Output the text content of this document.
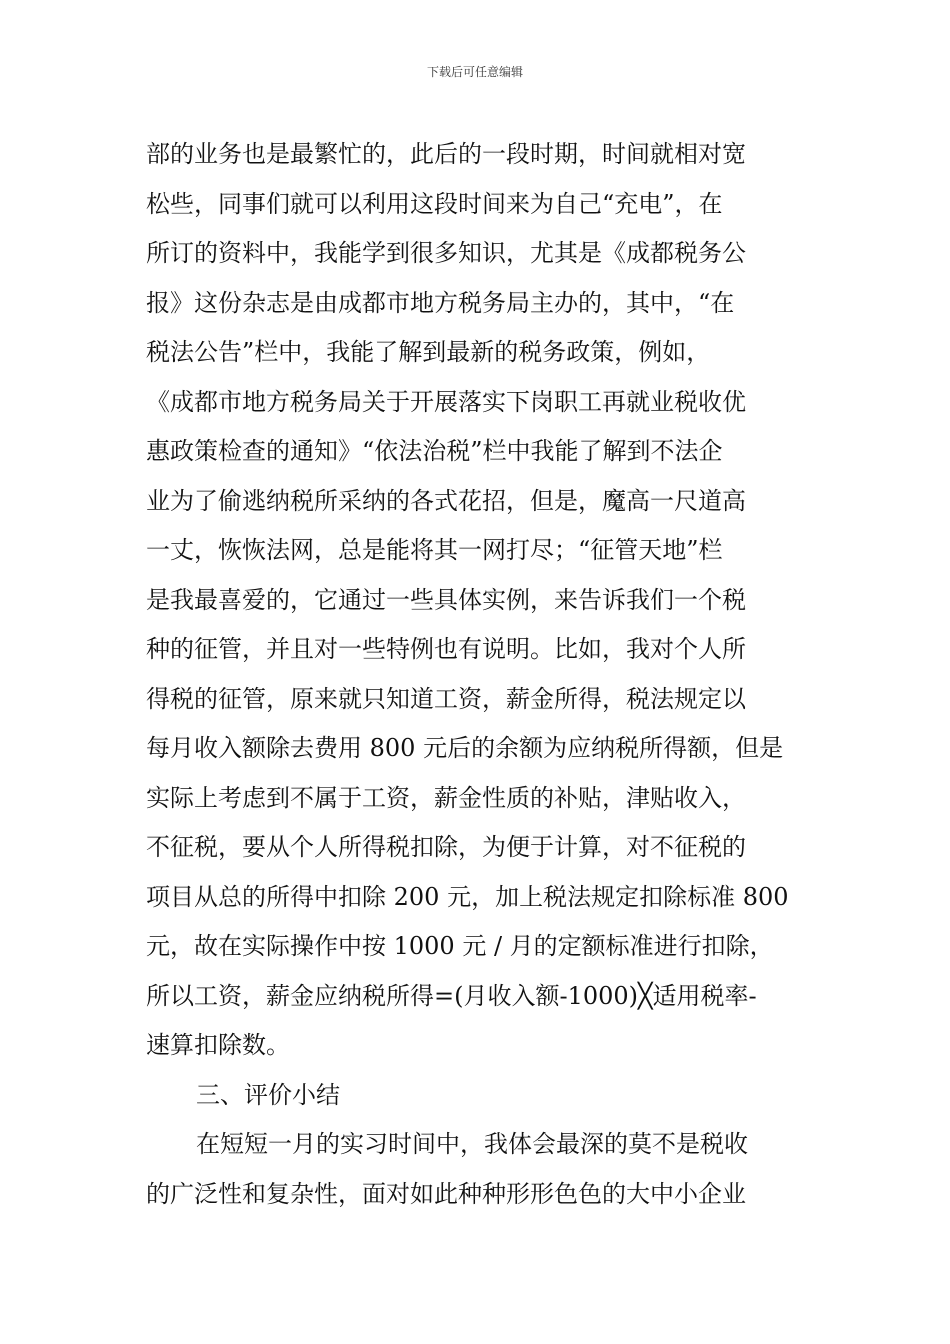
下载后可任意编辑
部的业务也是最繁忙的，此后的一段时期，时间就相对宽
松些，同事们就可以利用这段时间来为自己“充电”，在
所订的资料中，我能学到很多知识，尤其是《成都税务公
报》这份杂志是由成都市地方税务局主办的，其中，“在
税法公告”栏中，我能了解到最新的税务政策，例如，
《成都市地方税务局关于开展落实下岗职工再就业税收优
惠政策检查的通知》“依法治税”栏中我能了解到不法企
业为了偷逃纳税所采纳的各式花招，但是，魔高一尺道高
一丈，恢恢法网，总是能将其一网打尽；“征管天地”栏
是我最喜爱的，它通过一些具体实例，来告诉我们一个税
种的征管，并且对一些特例也有说明。比如，我对个人所
得税的征管，原来就只知道工资，薪金所得，税法规定以
每月收入额除去费用 800 元后的余额为应纳税所得额，但是
实际上考虑到不属于工资，薪金性质的补贴，津贴收入，
不征税，要从个人所得税扣除，为便于计算，对不征税的
项目从总的所得中扣除 200 元，加上税法规定扣除标准 800
元，故在实际操作中按 1000 元 / 月的定额标准进行扣除，
所以工资，薪金应纳税所得=(月收入额-1000)╳适用税率-
速算扣除数。
三、评价小结
在短短一月的实习时间中，我体会最深的莫不是税收
的广泛性和复杂性，面对如此种种形形色色的大中小企业
